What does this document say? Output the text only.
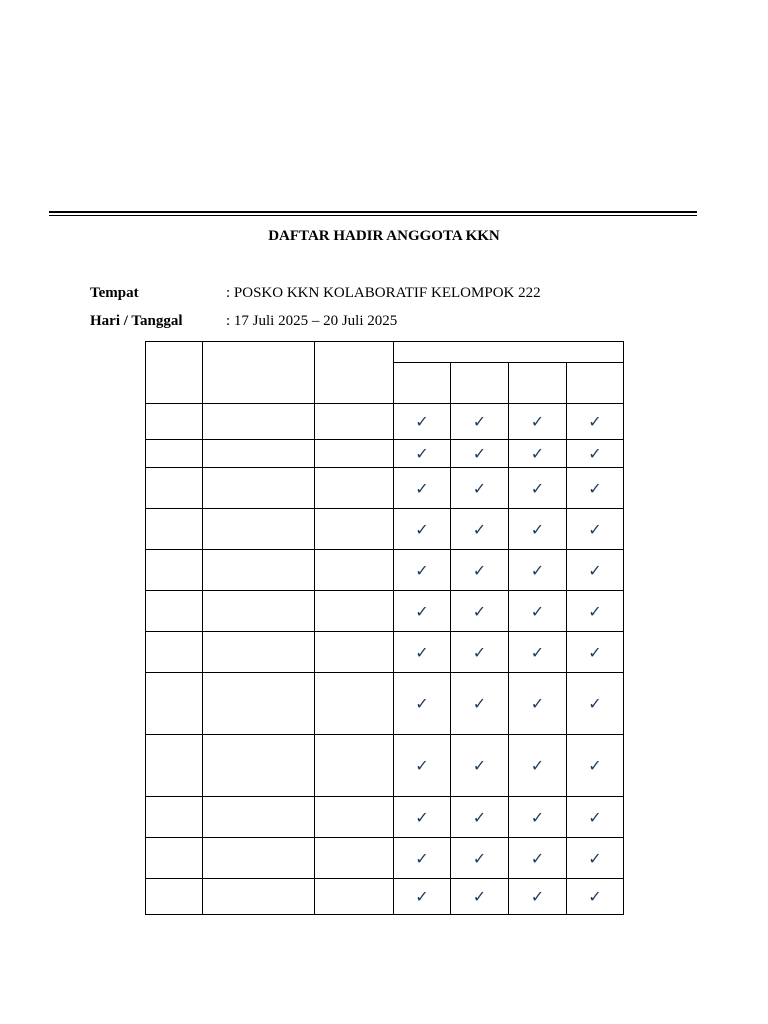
DAFTAR HADIR ANGGOTA KKN
Tempat	: POSKO KKN KOLABORATIF KELOMPOK 222
Hari / Tanggal	: 17 Juli 2025 – 20 Juli 2025

			✓	✓	✓	✓
			✓	✓	✓	✓
			✓	✓	✓	✓
			✓	✓	✓	✓
			✓	✓	✓	✓
			✓	✓	✓	✓
			✓	✓	✓	✓
			✓	✓	✓	✓
			✓	✓	✓	✓
			✓	✓	✓	✓
			✓	✓	✓	✓
			✓	✓	✓	✓
